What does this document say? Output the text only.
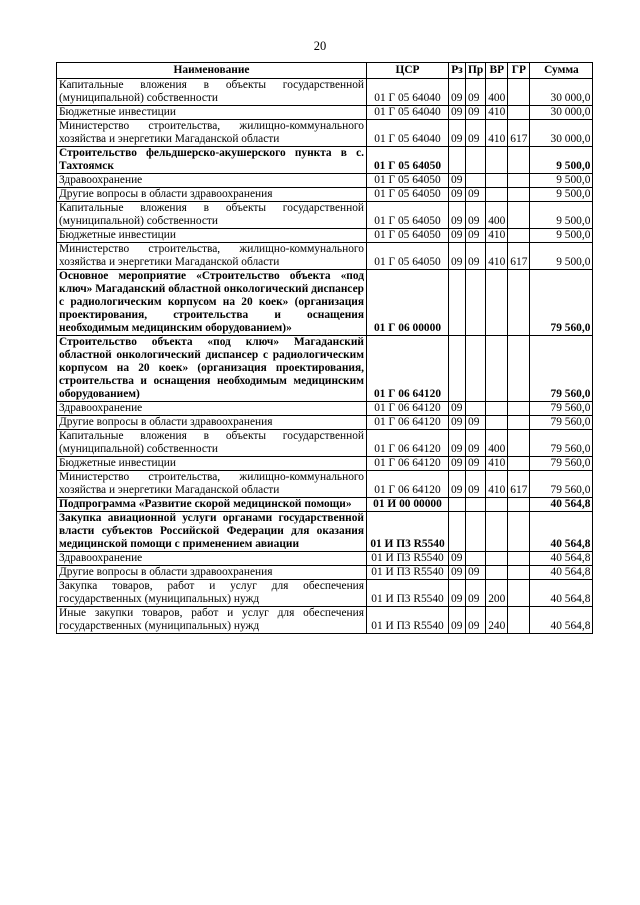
20
Наименование	ЦСР	Рз	Пр	ВР	ГР	Сумма
Капитальные вложения в объекты государственной (муниципальной) собственности	01 Г 05 64040	09	09	400		30 000,0
Бюджетные инвестиции	01 Г 05 64040	09	09	410		30 000,0
Министерство строительства, жилищно-коммунального хозяйства и энергетики Магаданской области	01 Г 05 64040	09	09	410	617	30 000,0
Строительство фельдшерско-акушерского пункта в с. Тахтоямск	01 Г 05 64050					9 500,0
Здравоохранение	01 Г 05 64050	09				9 500,0
Другие вопросы в области здравоохранения	01 Г 05 64050	09	09			9 500,0
Капитальные вложения в объекты государственной (муниципальной) собственности	01 Г 05 64050	09	09	400		9 500,0
Бюджетные инвестиции	01 Г 05 64050	09	09	410		9 500,0
Министерство строительства, жилищно-коммунального хозяйства и энергетики Магаданской области	01 Г 05 64050	09	09	410	617	9 500,0
Основное мероприятие «Строительство объекта «под ключ» Магаданский областной онкологический диспансер с радиологическим корпусом на 20 коек» (организация проектирования, строительства и оснащения необходимым медицинским оборудованием)»	01 Г 06 00000					79 560,0
Строительство объекта «под ключ» Магаданский областной онкологический диспансер с радиологическим корпусом на 20 коек» (организация проектирования, строительства и оснащения необходимым медицинским оборудованием)	01 Г 06 64120					79 560,0
Здравоохранение	01 Г 06 64120	09				79 560,0
Другие вопросы в области здравоохранения	01 Г 06 64120	09	09			79 560,0
Капитальные вложения в объекты государственной (муниципальной) собственности	01 Г 06 64120	09	09	400		79 560,0
Бюджетные инвестиции	01 Г 06 64120	09	09	410		79 560,0
Министерство строительства, жилищно-коммунального хозяйства и энергетики Магаданской области	01 Г 06 64120	09	09	410	617	79 560,0
Подпрограмма «Развитие скорой медицинской помощи»	01 И 00 00000					40 564,8
Закупка авиационной услуги органами государственной власти субъектов Российской Федерации для оказания медицинской помощи с применением авиации	01 И П3 R5540					40 564,8
Здравоохранение	01 И П3 R5540	09				40 564,8
Другие вопросы в области здравоохранения	01 И П3 R5540	09	09			40 564,8
Закупка товаров, работ и услуг для обеспечения государственных (муниципальных) нужд	01 И П3 R5540	09	09	200		40 564,8
Иные закупки товаров, работ и услуг для обеспечения государственных (муниципальных) нужд	01 И П3 R5540	09	09	240		40 564,8
